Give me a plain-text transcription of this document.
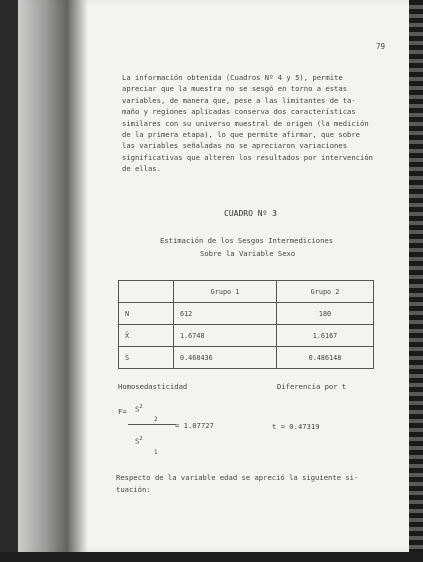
79
La información obtenida (Cuadros Nº 4 y 5), permite
apreciar que la muestra no se sesgó en torno a estas
variables, de manera que, pese a las limitantes de ta-
maño y regiones aplicadas conserva dos características
similares con su universo muestral de origen (la medición
de la primera etapa), lo que permite afirmar, que sobre
las variables señaladas no se apreciaron variaciones
significativas que alteren los resultados por intervención
de ellas.
CUADRO Nº 3
Estimación de los Sesgos Intermediciones
Sobre la Variable Sexo
	Grupo 1	Grupo 2
N	612	180
X̄	1.6748	1.6167
S	0.468436	0.486148
Homosedasticidad	Diferencia por t
$F= S^2$
2
= 1.07727
$S^2$
1
t = 0.47319
Respecto de la variable edad se apreció la siguiente si-
tuación:
